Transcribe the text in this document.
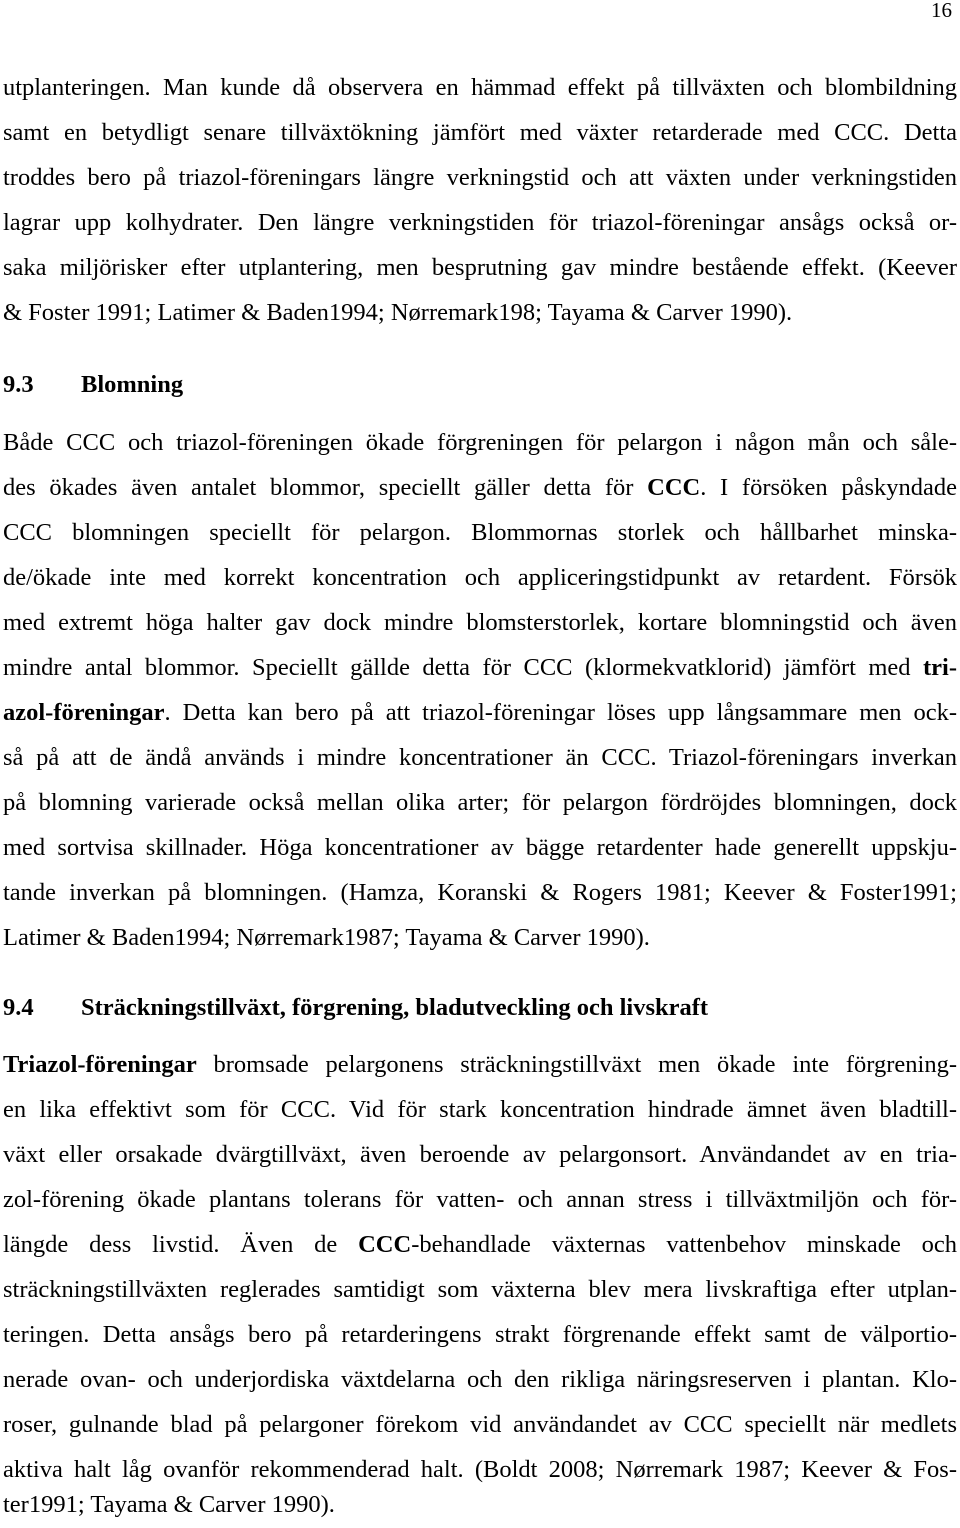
16
utplanteringen. Man kunde då observera en hämmad effekt på tillväxten och blombildning
samt en betydligt senare tillväxtökning jämfört med växter retarderade med CCC. Detta
troddes bero på triazol-föreningars längre verkningstid och att växten under verkningstiden
lagrar upp kolhydrater. Den längre verkningstiden för triazol-föreningar ansågs också or-
saka miljörisker efter utplantering, men besprutning gav mindre bestående effekt. (Keever
& Foster 1991; Latimer & Baden1994; Nørremark198; Tayama & Carver 1990).
9.3 Blomning
Både CCC och triazol-föreningen ökade förgreningen för pelargon i någon mån och såle-
des ökades även antalet blommor, speciellt gäller detta för CCC. I försöken påskyndade
CCC blomningen speciellt för pelargon. Blommornas storlek och hållbarhet minska-
de/ökade inte med korrekt koncentration och appliceringstidpunkt av retardent. Försök
med extremt höga halter gav dock mindre blomsterstorlek, kortare blomningstid och även
mindre antal blommor. Speciellt gällde detta för CCC (klormekvatklorid) jämfört med tri-
azol-föreningar. Detta kan bero på att triazol-föreningar löses upp långsammare men ock-
så på att de ändå används i mindre koncentrationer än CCC. Triazol-föreningars inverkan
på blomning varierade också mellan olika arter; för pelargon fördröjdes blomningen, dock
med sortvisa skillnader. Höga koncentrationer av bägge retardenter hade generellt uppskju-
tande inverkan på blomningen. (Hamza, Koranski & Rogers 1981; Keever & Foster1991;
Latimer & Baden1994; Nørremark1987; Tayama & Carver 1990).
9.4 Sträckningstillväxt, förgrening, bladutveckling och livskraft
Triazol-föreningar bromsade pelargonens sträckningstillväxt men ökade inte förgrening-
en lika effektivt som för CCC. Vid för stark koncentration hindrade ämnet även bladtill-
växt eller orsakade dvärgtillväxt, även beroende av pelargonsort. Användandet av en tria-
zol-förening ökade plantans tolerans för vatten- och annan stress i tillväxtmiljön och för-
längde dess livstid. Även de CCC-behandlade växternas vattenbehov minskade och
sträckningstillväxten reglerades samtidigt som växterna blev mera livskraftiga efter utplan-
teringen. Detta ansågs bero på retarderingens strakt förgrenande effekt samt de välportio-
nerade ovan- och underjordiska växtdelarna och den rikliga näringsreserven i plantan. Klo-
roser, gulnande blad på pelargoner förekom vid användandet av CCC speciellt när medlets
aktiva halt låg ovanför rekommenderad halt. (Boldt 2008; Nørremark 1987; Keever & Fos-
ter1991; Tayama & Carver 1990).
